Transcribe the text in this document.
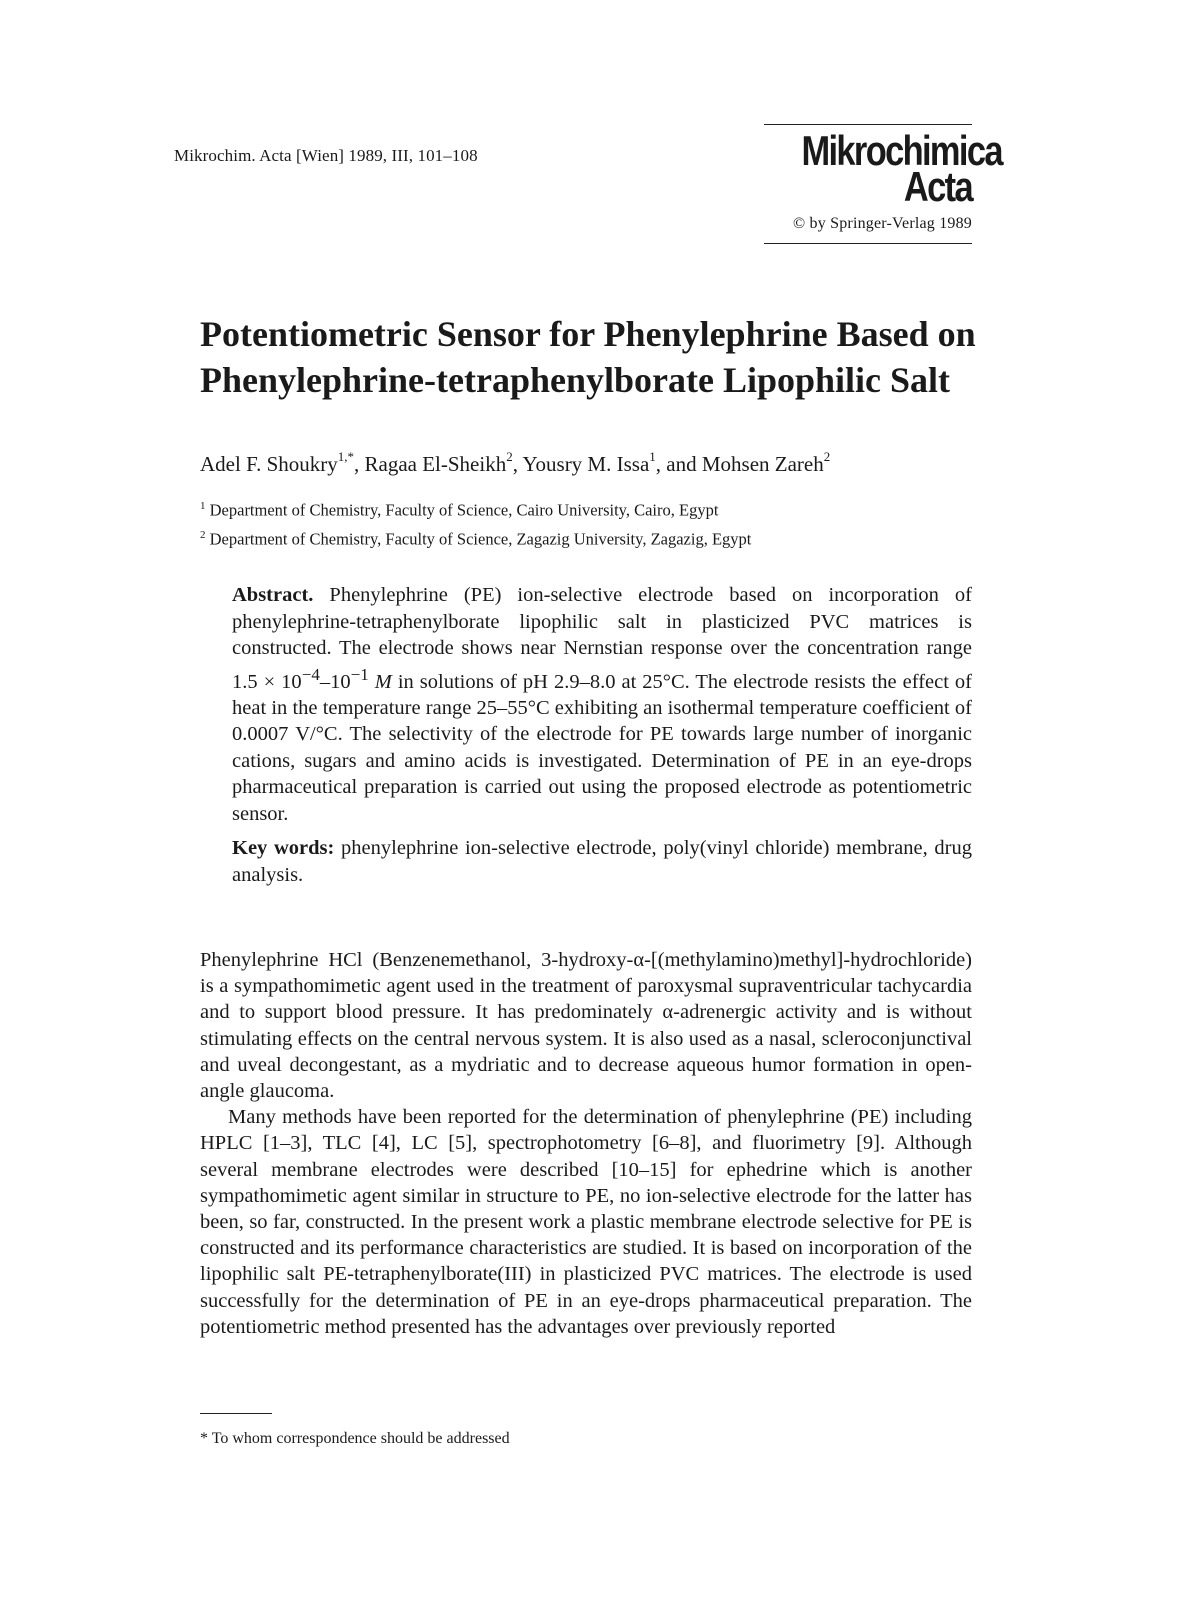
Mikrochim. Acta [Wien] 1989, III, 101–108	Mikrochimica
Acta
© by Springer-Verlag 1989
Potentiometric Sensor for Phenylephrine Based on
Phenylephrine-tetraphenylborate Lipophilic Salt
Adel F. Shoukry$^{1,*}$, Ragaa El-Sheikh$^2$, Yousry M. Issa$^1$, and Mohsen Zareh$^2$
$^1$ Department of Chemistry, Faculty of Science, Cairo University, Cairo, Egypt
$^2$ Department of Chemistry, Faculty of Science, Zagazig University, Zagazig, Egypt

Abstract. Phenylephrine (PE) ion-selective electrode based on incorporation of phenylephrine-tetraphenylborate lipophilic salt in plasticized PVC matrices is constructed. The electrode shows near Nernstian response over the concentration range $1.5 \times 10^{-4}-10^{-1}$ M in solutions of pH 2.9–8.0 at 25°C. The electrode resists the effect of heat in the temperature range 25–55°C exhibiting an isothermal temperature coefficient of 0.0007 V/°C. The selectivity of the electrode for PE towards large number of inorganic cations, sugars and amino acids is investigated. Determination of PE in an eye-drops pharmaceutical preparation is carried out using the proposed electrode as potentiometric sensor.

Key words: phenylephrine ion-selective electrode, poly(vinyl chloride) membrane, drug analysis.

Phenylephrine HCl (Benzenemethanol, 3-hydroxy-α-[(methylamino)methyl]-hydrochloride) is a sympathomimetic agent used in the treatment of paroxysmal supraventricular tachycardia and to support blood pressure. It has predominately α-adrenergic activity and is without stimulating effects on the central nervous system. It is also used as a nasal, scleroconjunctival and uveal decongestant, as a mydriatic and to decrease aqueous humor formation in open-angle glaucoma.

Many methods have been reported for the determination of phenylephrine (PE) including HPLC [1–3], TLC [4], LC [5], spectrophotometry [6–8], and fluorimetry [9]. Although several membrane electrodes were described [10–15] for ephedrine which is another sympathomimetic agent similar in structure to PE, no ion-selective electrode for the latter has been, so far, constructed. In the present work a plastic membrane electrode selective for PE is constructed and its performance characteristics are studied. It is based on incorporation of the lipophilic salt PE-tetraphenylborate(III) in plasticized PVC matrices. The electrode is used successfully for the determination of PE in an eye-drops pharmaceutical preparation. The potentiometric method presented has the advantages over previously reported

* To whom correspondence should be addressed
